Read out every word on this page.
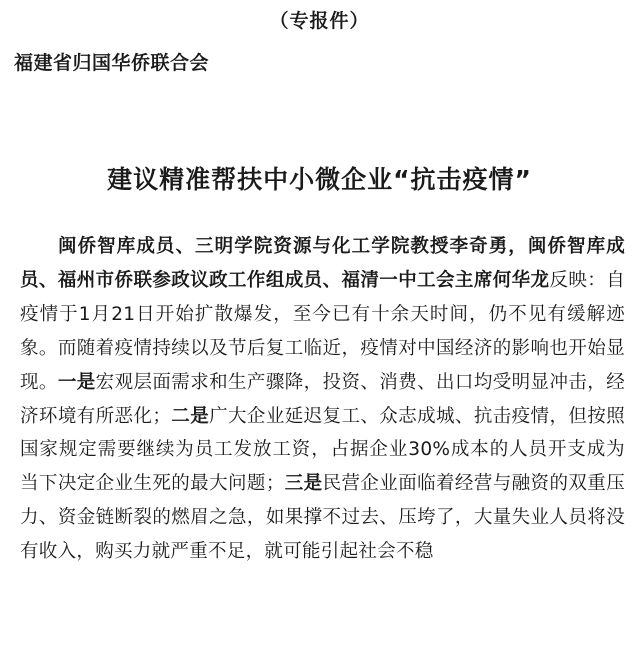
（专报件）
福建省归国华侨联合会
建议精准帮扶中小微企业“抗击疫情”

闽侨智库成员、三明学院资源与化工学院教授李奇勇，闽侨智库成员、福州市侨联参政议政工作组成员、福清一中工会主席何华龙反映：自疫情于1月21日开始扩散爆发，至今已有十余天时间，仍不见有缓解迹象。而随着疫情持续以及节后复工临近，疫情对中国经济的影响也开始显现。一是宏观层面需求和生产骤降，投资、消费、出口均受明显冲击，经济环境有所恶化；二是广大企业延迟复工、众志成城、抗击疫情，但按照国家规定需要继续为员工发放工资，占据企业30%成本的人员开支成为当下决定企业生死的最大问题；三是民营企业面临着经营与融资的双重压力、资金链断裂的燃眉之急，如果撑不过去、压垮了，大量失业人员将没有收入，购买力就严重不足，就可能引起社会不稳
